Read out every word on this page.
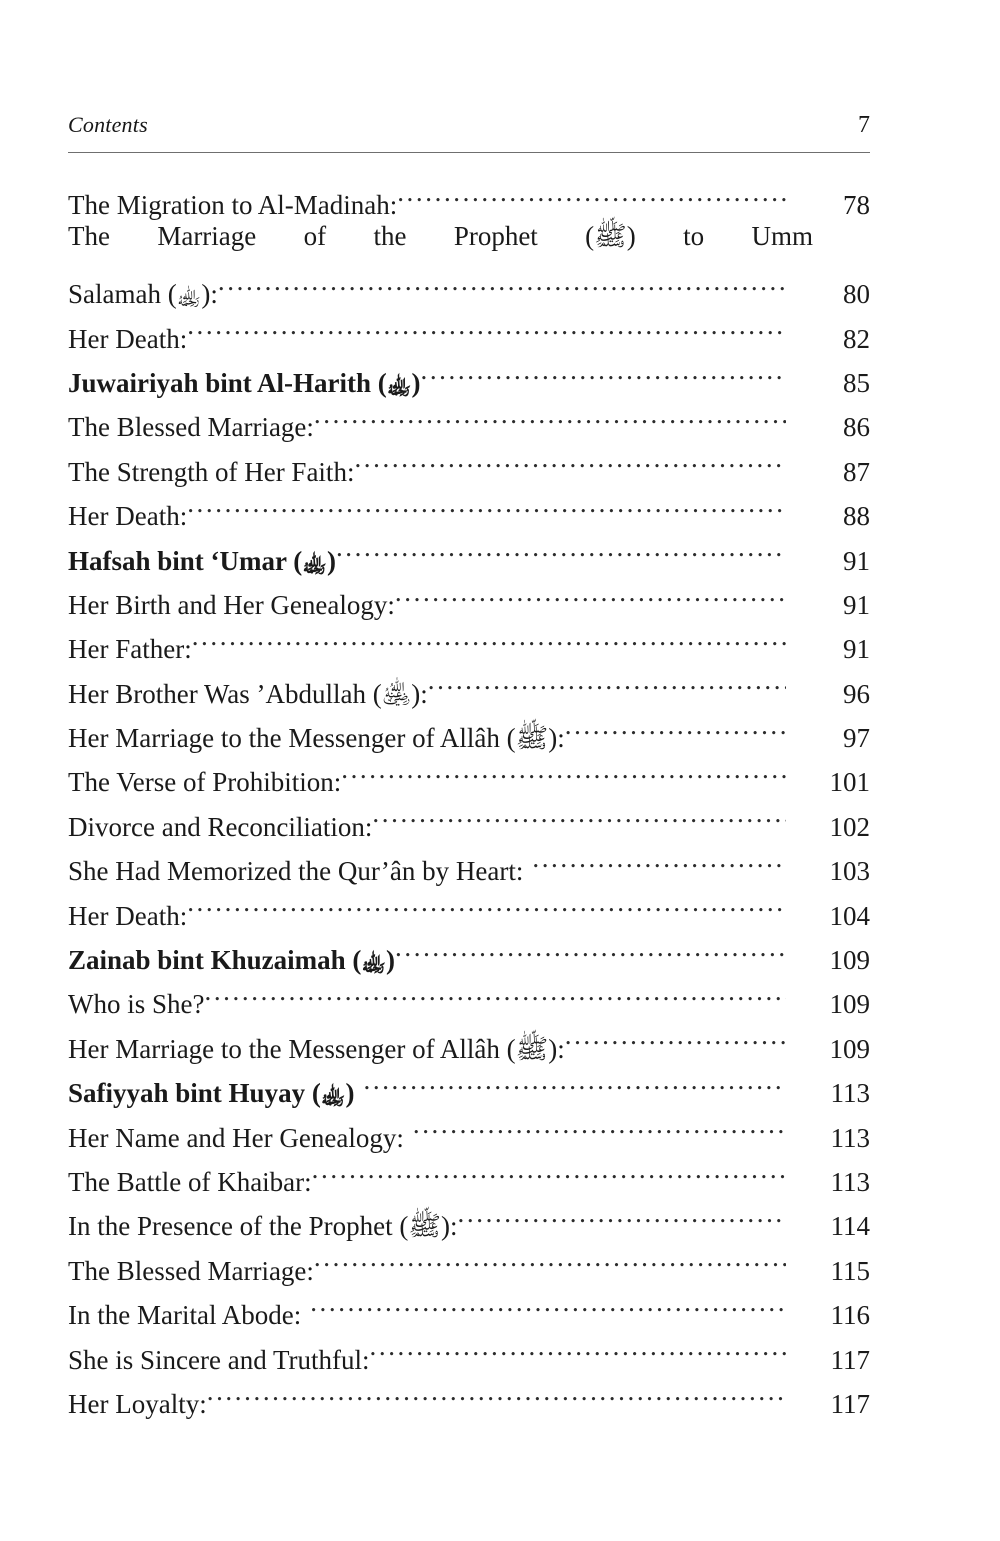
Contents	7
The Migration to Al-Madinah: .....	78
The Marriage of the Prophet (ﷺ) to Umm
Salamah (﵀): .....	80
Her Death: .....	82
Juwairiyah bint Al-Harith (﵀) .....	85
The Blessed Marriage: .....	86
The Strength of Her Faith: .....	87
Her Death: .....	88
Hafsah bint ‘Umar (﵀) .....	91
Her Birth and Her Genealogy: .....	91
Her Father: .....	91
Her Brother Was ’Abdullah (﵁): .....	96
Her Marriage to the Messenger of Allâh (ﷺ): .....	97
The Verse of Prohibition: .....	101
Divorce and Reconciliation: .....	102
She Had Memorized the Qur’ân by Heart: .....	103
Her Death: .....	104
Zainab bint Khuzaimah (﵀) .....	109
Who is She? .....	109
Her Marriage to the Messenger of Allâh (ﷺ): .....	109
Safiyyah bint Huyay (﵀) .....	113
Her Name and Her Genealogy: .....	113
The Battle of Khaibar: .....	113
In the Presence of the Prophet (ﷺ): .....	114
The Blessed Marriage: .....	115
In the Marital Abode: .....	116
She is Sincere and Truthful: .....	117
Her Loyalty: .....	117
